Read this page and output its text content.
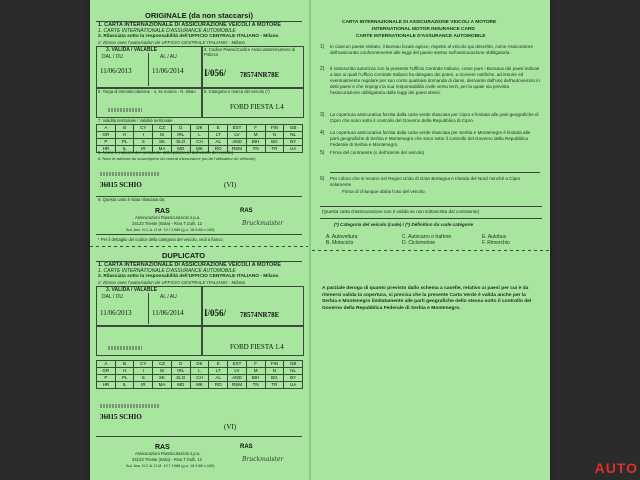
ORIGINALE (da non staccarsi)
1. CARTA INTERNAZIONALE DI ASSICURAZIONE VEICOLI A MOTORE
1. CARTE INTERNATIONALE D'ASSURANCE AUTOMOBILE
2. Rilasciata sotto la responsabilità dell'UFFICIO CENTRALE ITALIANO - Milano
2. Émise avec l'autorisation de UFFICIO CENTRALE ITALIANO - Milano
3. VALIDA / VALABLE
DAL / DU	AL / AU
11/06/2013	11/06/2014
4. Codice Paese/Codice Assicuratore/numero di Polizza
I/056/ 78574NR78E
5. Targa di immatricolazione - o, se manca - N. telaio 6. Categoria e marca del veicolo (*)
FORD FIESTA 1.4
7. Validità territoriale / Validité territoriale
A	B	CY	CZ	D	DK	E	EST	F	FIN	GB
GR	H	I	IS	IRL	L	LT	LV	M	N	NL
P	PL	S	SK	SLO	CH	AL	AND	BIH	BG	BY
HR	IL	IR	MA	MD	MK	RO	RSM	TN	TR	UA
8. Nome e indirizzo del contraente della polizza (o dell'utente del veicolo)
8. Nom et adresse du souscripteur du contrat d'assurance (ou de l'utilisateur du véhicule)
36015 SCHIO	(VI)
9. Questa carta è stata rilasciata da:
RAS
Assicurazioni Riassicurazioni s.p.a.
34123 Trieste (Italia) - Riva T.Gulli, 12
Aut. Ass. N.C.A. D.M. 19.7.1988 (g.u. 18.9.88 n.169)
RAS
Bruckmaister
* Per il dettaglio del codice della categoria del veicolo, vedi a fianco.
DUPLICATO
1. CARTA INTERNAZIONALE DI ASSICURAZIONE VEICOLI A MOTORE
1. CARTE INTERNATIONALE D'ASSURANCE AUTOMOBILE
2. Rilasciata sotto la responsabilità dell'UFFICIO CENTRALE ITALIANO - Milano
2. Émise avec l'autorisation de UFFICIO CENTRALE ITALIANO - Milano
3. VALIDA / VALABLE
DAL / DU	AL / AU
11/06/2013	11/06/2014 I/056/ 78574NR78E
FORD FIESTA 1.4
A	B	CY	CZ	D	DK	E	EST	F	FIN	GB
GR	H	I	IS	IRL	L	LT	LV	M	N	NL
P	PL	S	SK	SLO	CH	AL	AND	BIH	BG	BY
HR	IL	IR	MA	MD	MK	RO	RSM	TN	TR	UA
36015 SCHIO
(VI)
RAS
Assicurazioni Riassicurazioni s.p.a.
34123 Trieste (Italia) - Riva T.Gulli, 12
Aut. Ass. N.C.A. D.M. 19.7.1988 (g.u. 18.9.88 n.169)
RAS
Bruckmaister
CARTA INTERNAZIONALE DI ASSICURAZIONE VEICOLI A MOTORE
INTERNATIONAL MOTOR INSURANCE CARD
CARTE INTERNATIONALE D'ASSURANCE AUTOMOBILE
1) In ciascun paese visitato, il Bureau locale agisce, rispetto al veicolo qui descritto, come Assicuratore dell'assicurato conformemente alle leggi del paese stesso sull'assicurazione obbligatoria.
2) Il sottoscritto autorizza con la presente l'Ufficio Centrale Italiano, come pure i Bureaux dei paesi indicati a lato ai quali l'Ufficio Centrale Italiano ha delegato dei poteri, a ricevere notifiche, ad istruire ed eventualmente regolare per suo conto qualsiasi domanda di danni, derivante dall'uso dell'autoveicolo in detti paesi e che impegni la sua responsabilità civile verso terzi, per la quale sia prevista l'assicurazione obbligatoria dalle leggi dei paesi stessi.
3) La copertura assicurativa fornita dalla carta verde rilasciata per Cipro e limitata alle parti geografiche di Cipro che sono sotto il controllo del Governo della Repubblica di Cipro.
4) La copertura assicurativa fornita dalla carta verde rilasciata per Serbia e Montenegro è limitata alle parti geografiche di Serbia e Montenegro che sono sotto il controllo del Governo della Repubblica Federale di Serbia e Montenegro.
5) Firma del contraente (o dell'utente del veicolo)
6) Per coloro che si recano nel Regno Unito di Gran Bretagna e Irlanda del Nord nonché a Cipro solamente
Firma di chiunque abbia l'uso del veicolo.
(Questa carta d'assicurazione non è valida se non sottoscritta dal contraente)
(*) Categoria del veicolo (code) / (*) Définition du code catégorie
A. Autovettura
B. Motociclo
C. Autocarro o trattore
D. Ciclomotore
E. Autobus
F. Rimorchio
A parziale deroga di quanto previsto dallo schema a caselle, relativo ai paesi per cui è da ritenersi valida la copertura, si precisa che la presente Carta Verde è valida anche per la Serbia e Montenegro limitatamente alle parti geografiche dello stessa sotto il controllo del Governo della Repubblica Federale di Serbia e Montenegro.
AUTO
